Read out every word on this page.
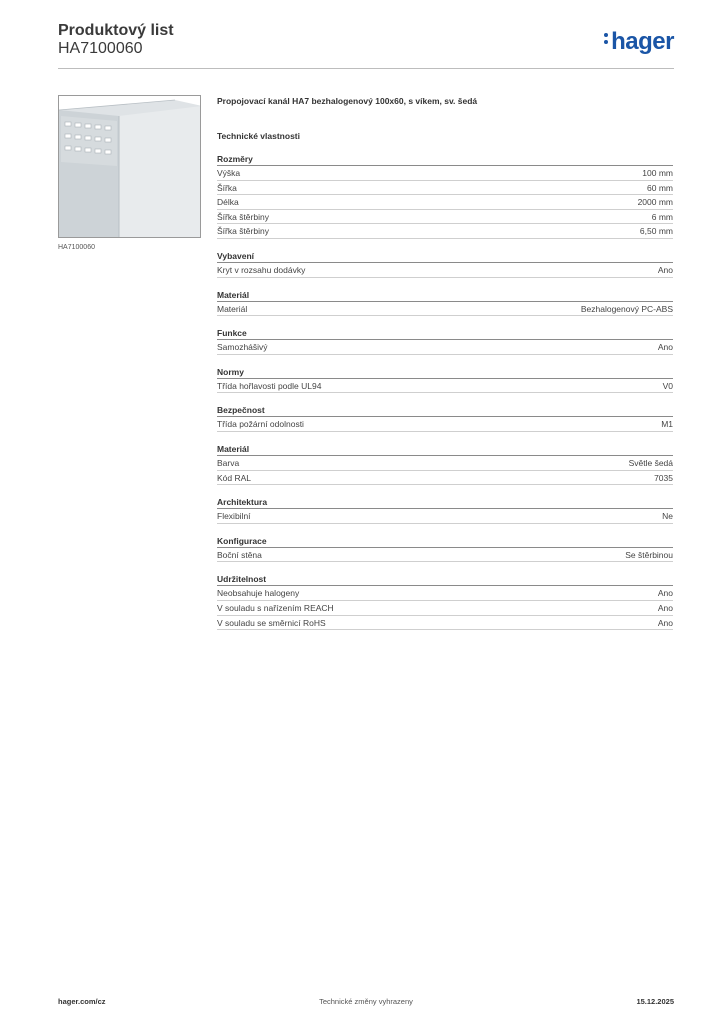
Produktový list
HA7100060	hager
HA7100060
Propojovací kanál HA7 bezhalogenový 100x60, s víkem, sv. šedá
Technické vlastnosti
Rozměry
Výška	100 mm
Šířka	60 mm
Délka	2000 mm
Šířka štěrbiny	6 mm
Šířka štěrbiny	6,50 mm
Vybavení
Kryt v rozsahu dodávky	Ano
Materiál
Materiál	Bezhalogenový PC-ABS
Funkce
Samozhášivý	Ano
Normy
Třída hořlavosti podle UL94	V0
Bezpečnost
Třída požární odolnosti	M1
Materiál
Barva	Světle šedá
Kód RAL	7035
Architektura
Flexibilní	Ne
Konfigurace
Boční stěna	Se štěrbinou
Udržitelnost
Neobsahuje halogeny	Ano
V souladu s nařízením REACH	Ano
V souladu se směrnicí RoHS	Ano
hager.com/cz	Technické změny vyhrazeny	15.12.2025
